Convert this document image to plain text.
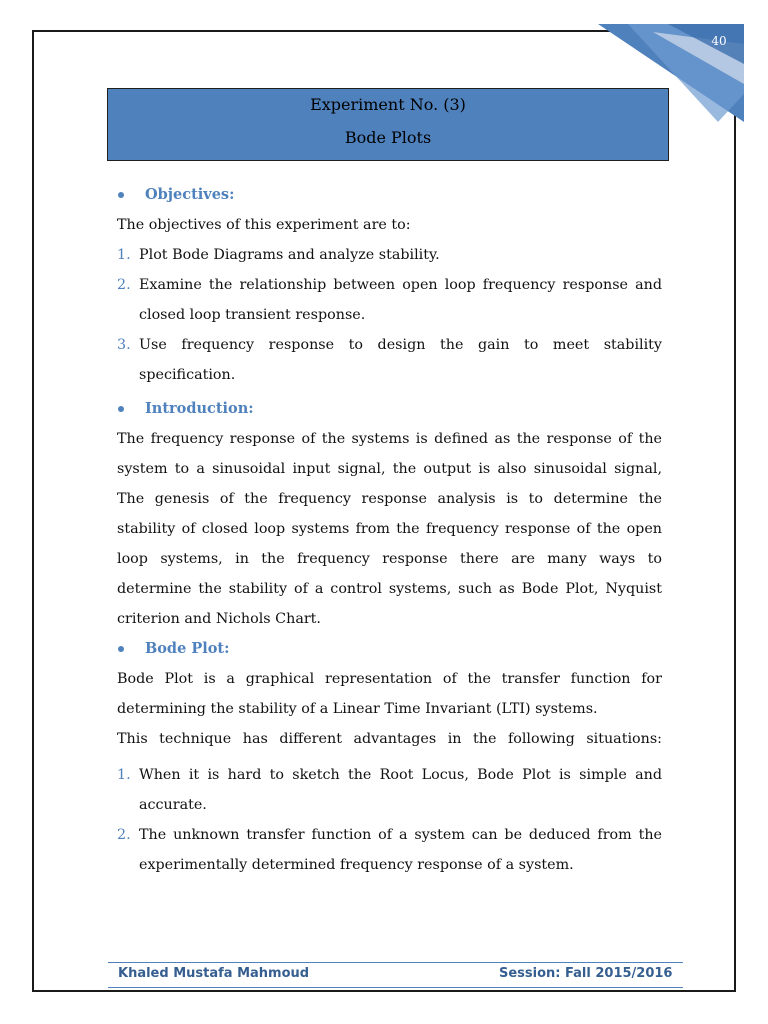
40
Experiment No. (3)
Bode Plots
Objectives:
The objectives of this experiment are to:
1. Plot Bode Diagrams and analyze stability.
2. Examine the relationship between open loop frequency response and closed loop transient response.
3. Use frequency response to design the gain to meet stability specification.
Introduction:
The frequency response of the systems is defined as the response of the system to a sinusoidal input signal, the output is also sinusoidal signal, The genesis of the frequency response analysis is to determine the stability of closed loop systems from the frequency response of the open loop systems, in the frequency response there are many ways to determine the stability of a control systems, such as Bode Plot, Nyquist criterion and Nichols Chart.
Bode Plot:
Bode Plot is a graphical representation of the transfer function for determining the stability of a Linear Time Invariant (LTI) systems.
This technique has different advantages in the following situations:
1. When it is hard to sketch the Root Locus, Bode Plot is simple and accurate.
2. The unknown transfer function of a system can be deduced from the experimentally determined frequency response of a system.
Khaled Mustafa Mahmoud	Session: Fall 2015/2016
